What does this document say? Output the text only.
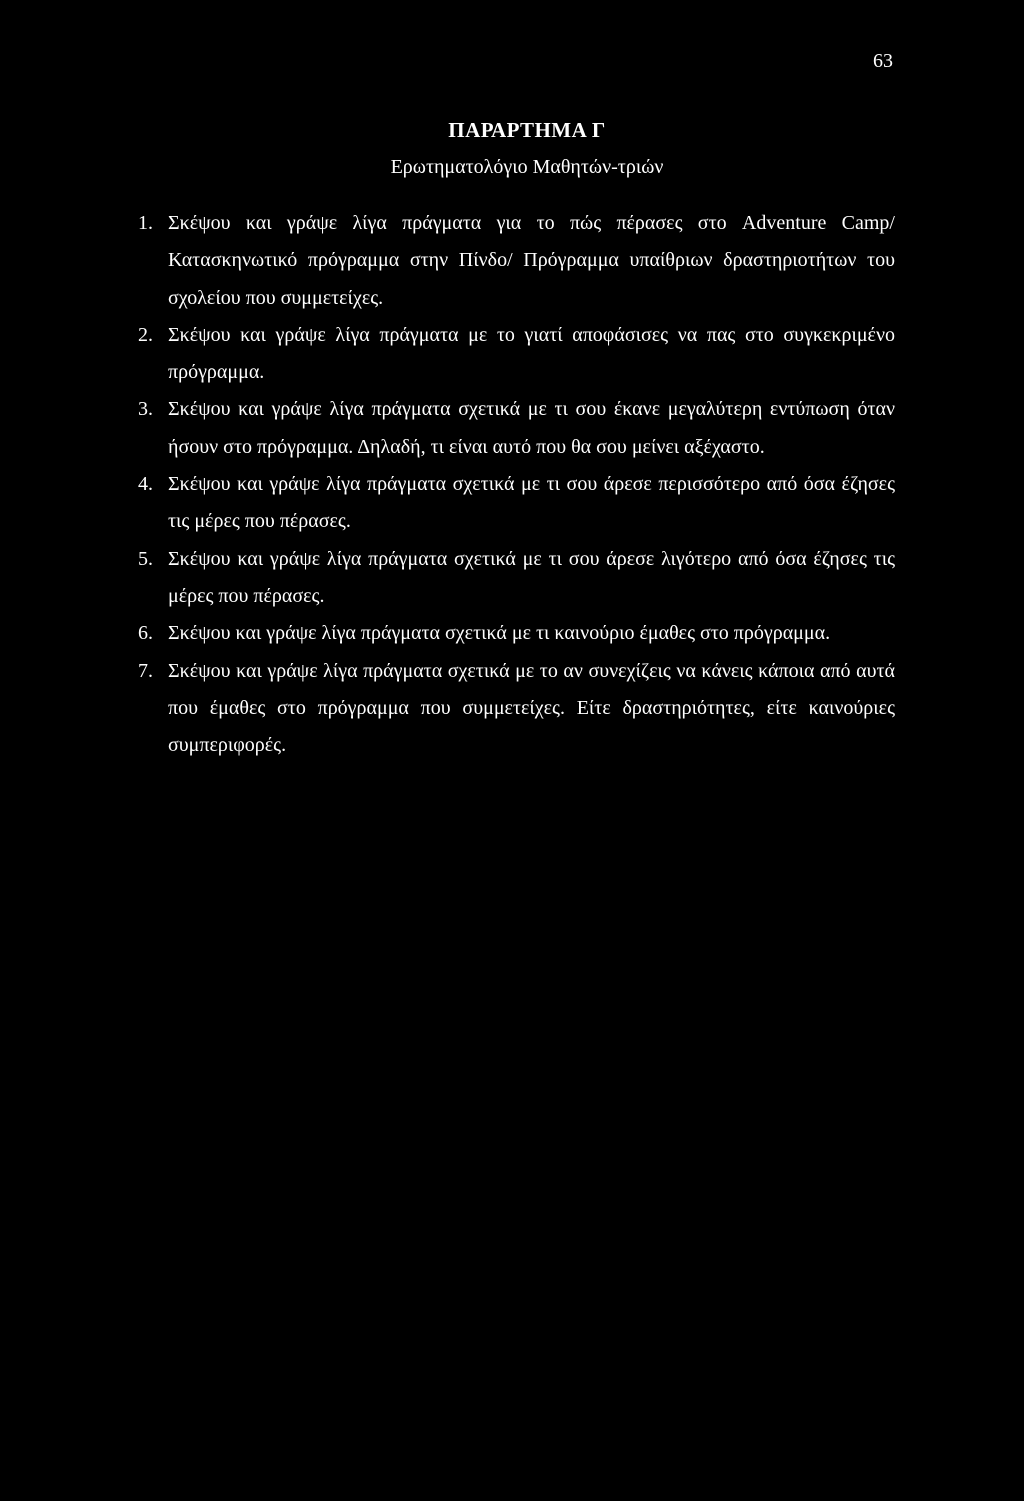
63
ΠΑΡΑΡΤΗΜΑ Γ
Ερωτηματολόγιο Μαθητών-τριών
1. Σκέψου και γράψε λίγα πράγματα για το πώς πέρασες στο Adventure Camp/ Κατασκηνωτικό πρόγραμμα στην Πίνδο/ Πρόγραμμα υπαίθριων δραστηριοτήτων του σχολείου που συμμετείχες.
2. Σκέψου και γράψε λίγα πράγματα με το γιατί αποφάσισες να πας στο συγκεκριμένο πρόγραμμα.
3. Σκέψου και γράψε λίγα πράγματα σχετικά με τι σου έκανε μεγαλύτερη εντύπωση όταν ήσουν στο πρόγραμμα. Δηλαδή, τι είναι αυτό που θα σου μείνει αξέχαστο.
4. Σκέψου και γράψε λίγα πράγματα σχετικά με τι σου άρεσε περισσότερο από όσα έζησες τις μέρες που πέρασες.
5. Σκέψου και γράψε λίγα πράγματα σχετικά με τι σου άρεσε λιγότερο από όσα έζησες τις μέρες που πέρασες.
6. Σκέψου και γράψε λίγα πράγματα σχετικά με τι καινούριο έμαθες στο πρόγραμμα.
7. Σκέψου και γράψε λίγα πράγματα σχετικά με το αν συνεχίζεις να κάνεις κάποια από αυτά που έμαθες στο πρόγραμμα που συμμετείχες. Είτε δραστηριότητες, είτε καινούριες συμπεριφορές.
